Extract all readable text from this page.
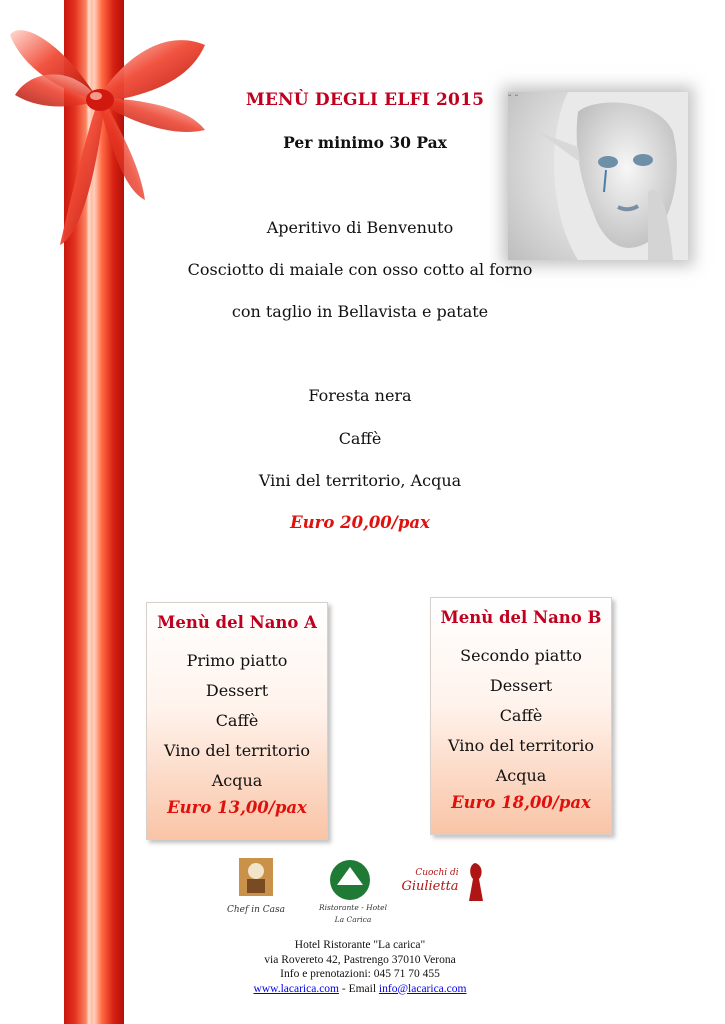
ᵕ ᵕ
MENÙ DEGLI ELFI 2015
Per minimo 30 Pax
Aperitivo di Benvenuto
Cosciotto di maiale con osso cotto al forno
con taglio in Bellavista e patate
Foresta nera
Caffè
Vini del territorio, Acqua
Euro 20,00/pax
Menù del Nano A
Primo piatto
Dessert
Caffè
Vino del territorio
Acqua
Euro 13,00/pax
Menù del Nano B
Secondo piatto
Dessert
Caffè
Vino del territorio
Acqua
Euro 18,00/pax
Chef in Casa	Ristorante - Hotel
La Carica
Cuochi di
Giulietta
Hotel Ristorante "La carica"
via Rovereto 42, Pastrengo 37010 Verona
Info e prenotazioni: 045 71 70 455
www.lacarica.com - Email info@lacarica.com
